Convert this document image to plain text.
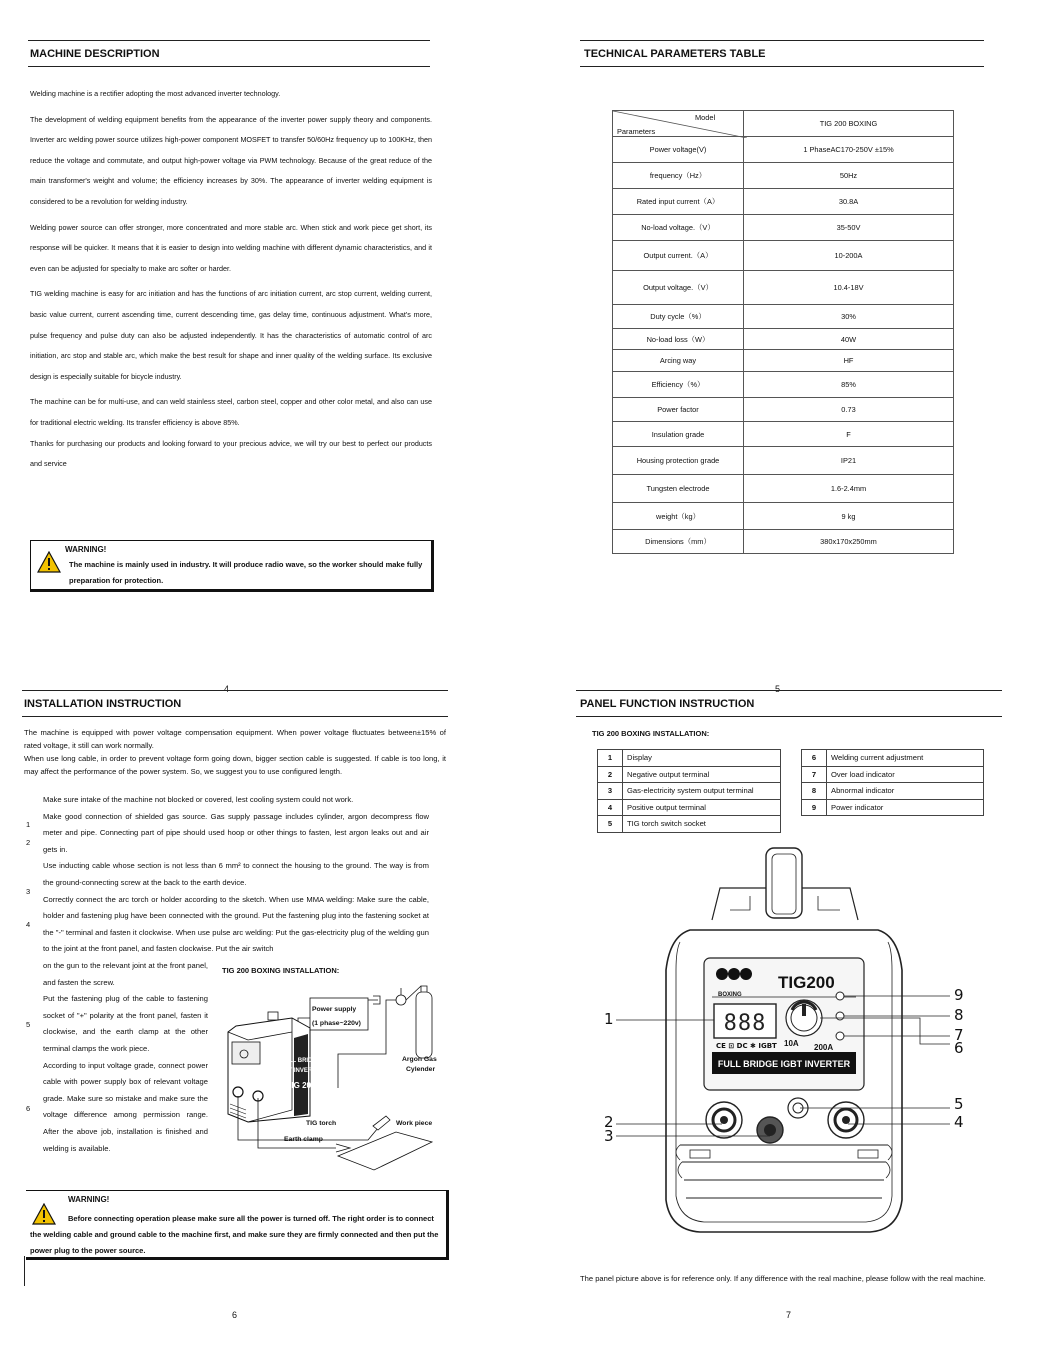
MACHINE DESCRIPTION

Welding machine is a rectifier adopting the most advanced inverter technology.

The development of welding equipment benefits from the appearance of the inverter power supply theory and components. Inverter arc welding power source utilizes high-power component MOSFET to transfer 50/60Hz frequency up to 100KHz, then reduce the voltage and commutate, and output high-power voltage via PWM technology. Because of the great reduce of the main transformer's weight and volume; the efficiency increases by 30%. The appearance of inverter welding equipment is considered to be a revolution for welding industry.

Welding power source can offer stronger, more concentrated and more stable arc. When stick and work piece get short, its response will be quicker. It means that it is easier to design into welding machine with different dynamic characteristics, and it even can be adjusted for specialty to make arc softer or harder.

TIG welding machine is easy for arc initiation and has the functions of arc initiation current, arc stop current, welding current, basic value current, current ascending time, current descending time, gas delay time, continuous adjustment. What's more, pulse frequency and pulse duty can also be adjusted independently. It has the characteristics of automatic control of arc initiation, arc stop and stable arc, which make the best result for shape and inner quality of the welding surface. Its exclusive design is especially suitable for bicycle industry.

The machine can be for multi-use, and can weld stainless steel, carbon steel, copper and other color metal, and also can use for traditional electric welding. Its transfer efficiency is above 85%.

Thanks for purchasing our products and looking forward to your precious advice, we will try our best to perfect our products and service

WARNING!
The machine is mainly used in industry. It will produce radio wave, so the worker should make fully preparation for protection.
4
TECHNICAL PARAMETERS TABLE
Model
Parameters	TIG 200 BOXING
Power voltage(V)	1 PhaseAC170-250V ±15%
frequency（Hz）	50Hz
Rated input current（A）	30.8A
No-load voltage.（V）	35-50V
Output current.（A）	10-200A
Output voltage.（V）	10.4-18V
Duty cycle（%）	30%
No-load loss（W）	40W
Arcing way	HF
Efficiency（%）	85%
Power factor	0.73
Insulation grade	F
Housing protection grade	IP21
Tungsten electrode	1.6-2.4mm
weight（kg）	9 kg
Dimensions（mm）	380x170x250mm
5
INSTALLATION INSTRUCTION

The machine is equipped with power voltage compensation equipment. When power voltage fluctuates between±15% of rated voltage, it still can work normally.

When use long cable, in order to prevent voltage form going down, bigger section cable is suggested. If cable is too long, it may affect the performance of the power system. So, we suggest you to use configured length.

1
2
3
4
5
6

Make sure intake of the machine not blocked or covered, lest cooling system could not work.

Make good connection of shielded gas source. Gas supply passage includes cylinder, argon decompress flow meter and pipe. Connecting part of pipe should used hoop or other things to fasten, lest argon leaks out and air gets in.

Use inducting cable whose section is not less than 6 mm² to connect the housing to the ground. The way is from the ground-connecting screw at the back to the earth device.

Correctly connect the arc torch or holder according to the sketch. When use MMA welding: Make sure the cable, holder and fastening plug have been connected with the ground. Put the fastening plug into the fastening socket at the "-" terminal and fasten it clockwise. When use pulse arc welding: Put the gas-electricity plug of the welding gun to the joint at the front panel, and fasten clockwise. Put the air switch

on the gun to the relevant joint at the front panel, and fasten the screw.

Put the fastening plug of the cable to fastening socket of "+" polarity at the front panel, fasten it clockwise, and the earth clamp at the other terminal clamps the work piece.

According to input voltage grade, connect power cable with power supply box of relevant voltage grade. Make sure so mistake and make sure the voltage difference among permission range. After the above job, installation is finished and welding is available.

TIG 200 BOXING INSTALLATION:
FULL BRIDGE
IGBT INVERTER
TIG 200
Power supply
(1 phase~220v)
Argon Gas
Cylender
TIG torch	Work piece
Earth clamp
WARNING!
Before connecting operation please make sure all the power is turned off. The right order is to connect the welding cable and ground cable to the machine first, and make sure they are firmly connected and then put the power plug to the power source.
6
PANEL FUNCTION INSTRUCTION
TIG 200 BOXING INSTALLATION:
1	Display
2	Negative output terminal
3	Gas-electricity system output terminal
4	Positive output terminal
5	TIG torch switch socket
6	Welding current adjustment
7	Over load indicator
8	Abnormal indicator
9	Power indicator
BOXING
TIG200
888
10A 200A
CE ⊡ DC ✱ IGBT
FULL BRIDGE IGBT INVERTER
1
2
3
4
5
6
7
8
9
The panel picture above is for reference only. If any difference with the real machine, please follow with the real machine.
7
